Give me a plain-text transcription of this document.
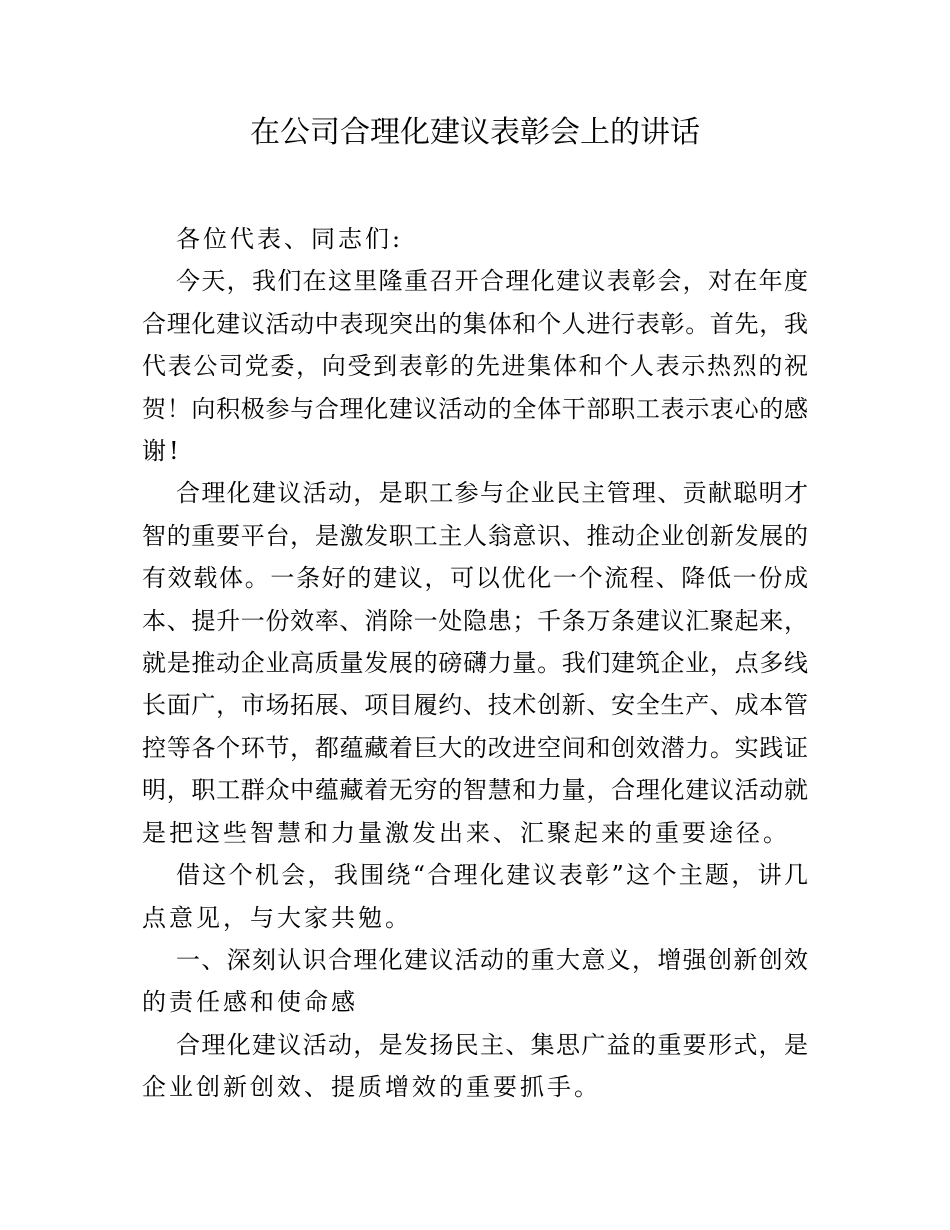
在公司合理化建议表彰会上的讲话
各位代表、同志们:
今天，我们在这里隆重召开合理化建议表彰会，对在年度
合理化建议活动中表现突出的集体和个人进行表彰。首先，我
代表公司党委，向受到表彰的先进集体和个人表示热烈的祝
贺！向积极参与合理化建议活动的全体干部职工表示衷心的感
谢!
合理化建议活动，是职工参与企业民主管理、贡献聪明才
智的重要平台，是激发职工主人翁意识、推动企业创新发展的
有效载体。一条好的建议，可以优化一个流程、降低一份成
本、提升一份效率、消除一处隐患；千条万条建议汇聚起来，
就是推动企业高质量发展的磅礴力量。我们建筑企业，点多线
长面广，市场拓展、项目履约、技术创新、安全生产、成本管
控等各个环节，都蕴藏着巨大的改进空间和创效潜力。实践证
明，职工群众中蕴藏着无穷的智慧和力量，合理化建议活动就
是把这些智慧和力量激发出来、汇聚起来的重要途径。
借这个机会，我围绕“合理化建议表彰”这个主题，讲几
点意见，与大家共勉。
一、深刻认识合理化建议活动的重大意义，增强创新创效
的责任感和使命感
合理化建议活动，是发扬民主、集思广益的重要形式，是
企业创新创效、提质增效的重要抓手。
